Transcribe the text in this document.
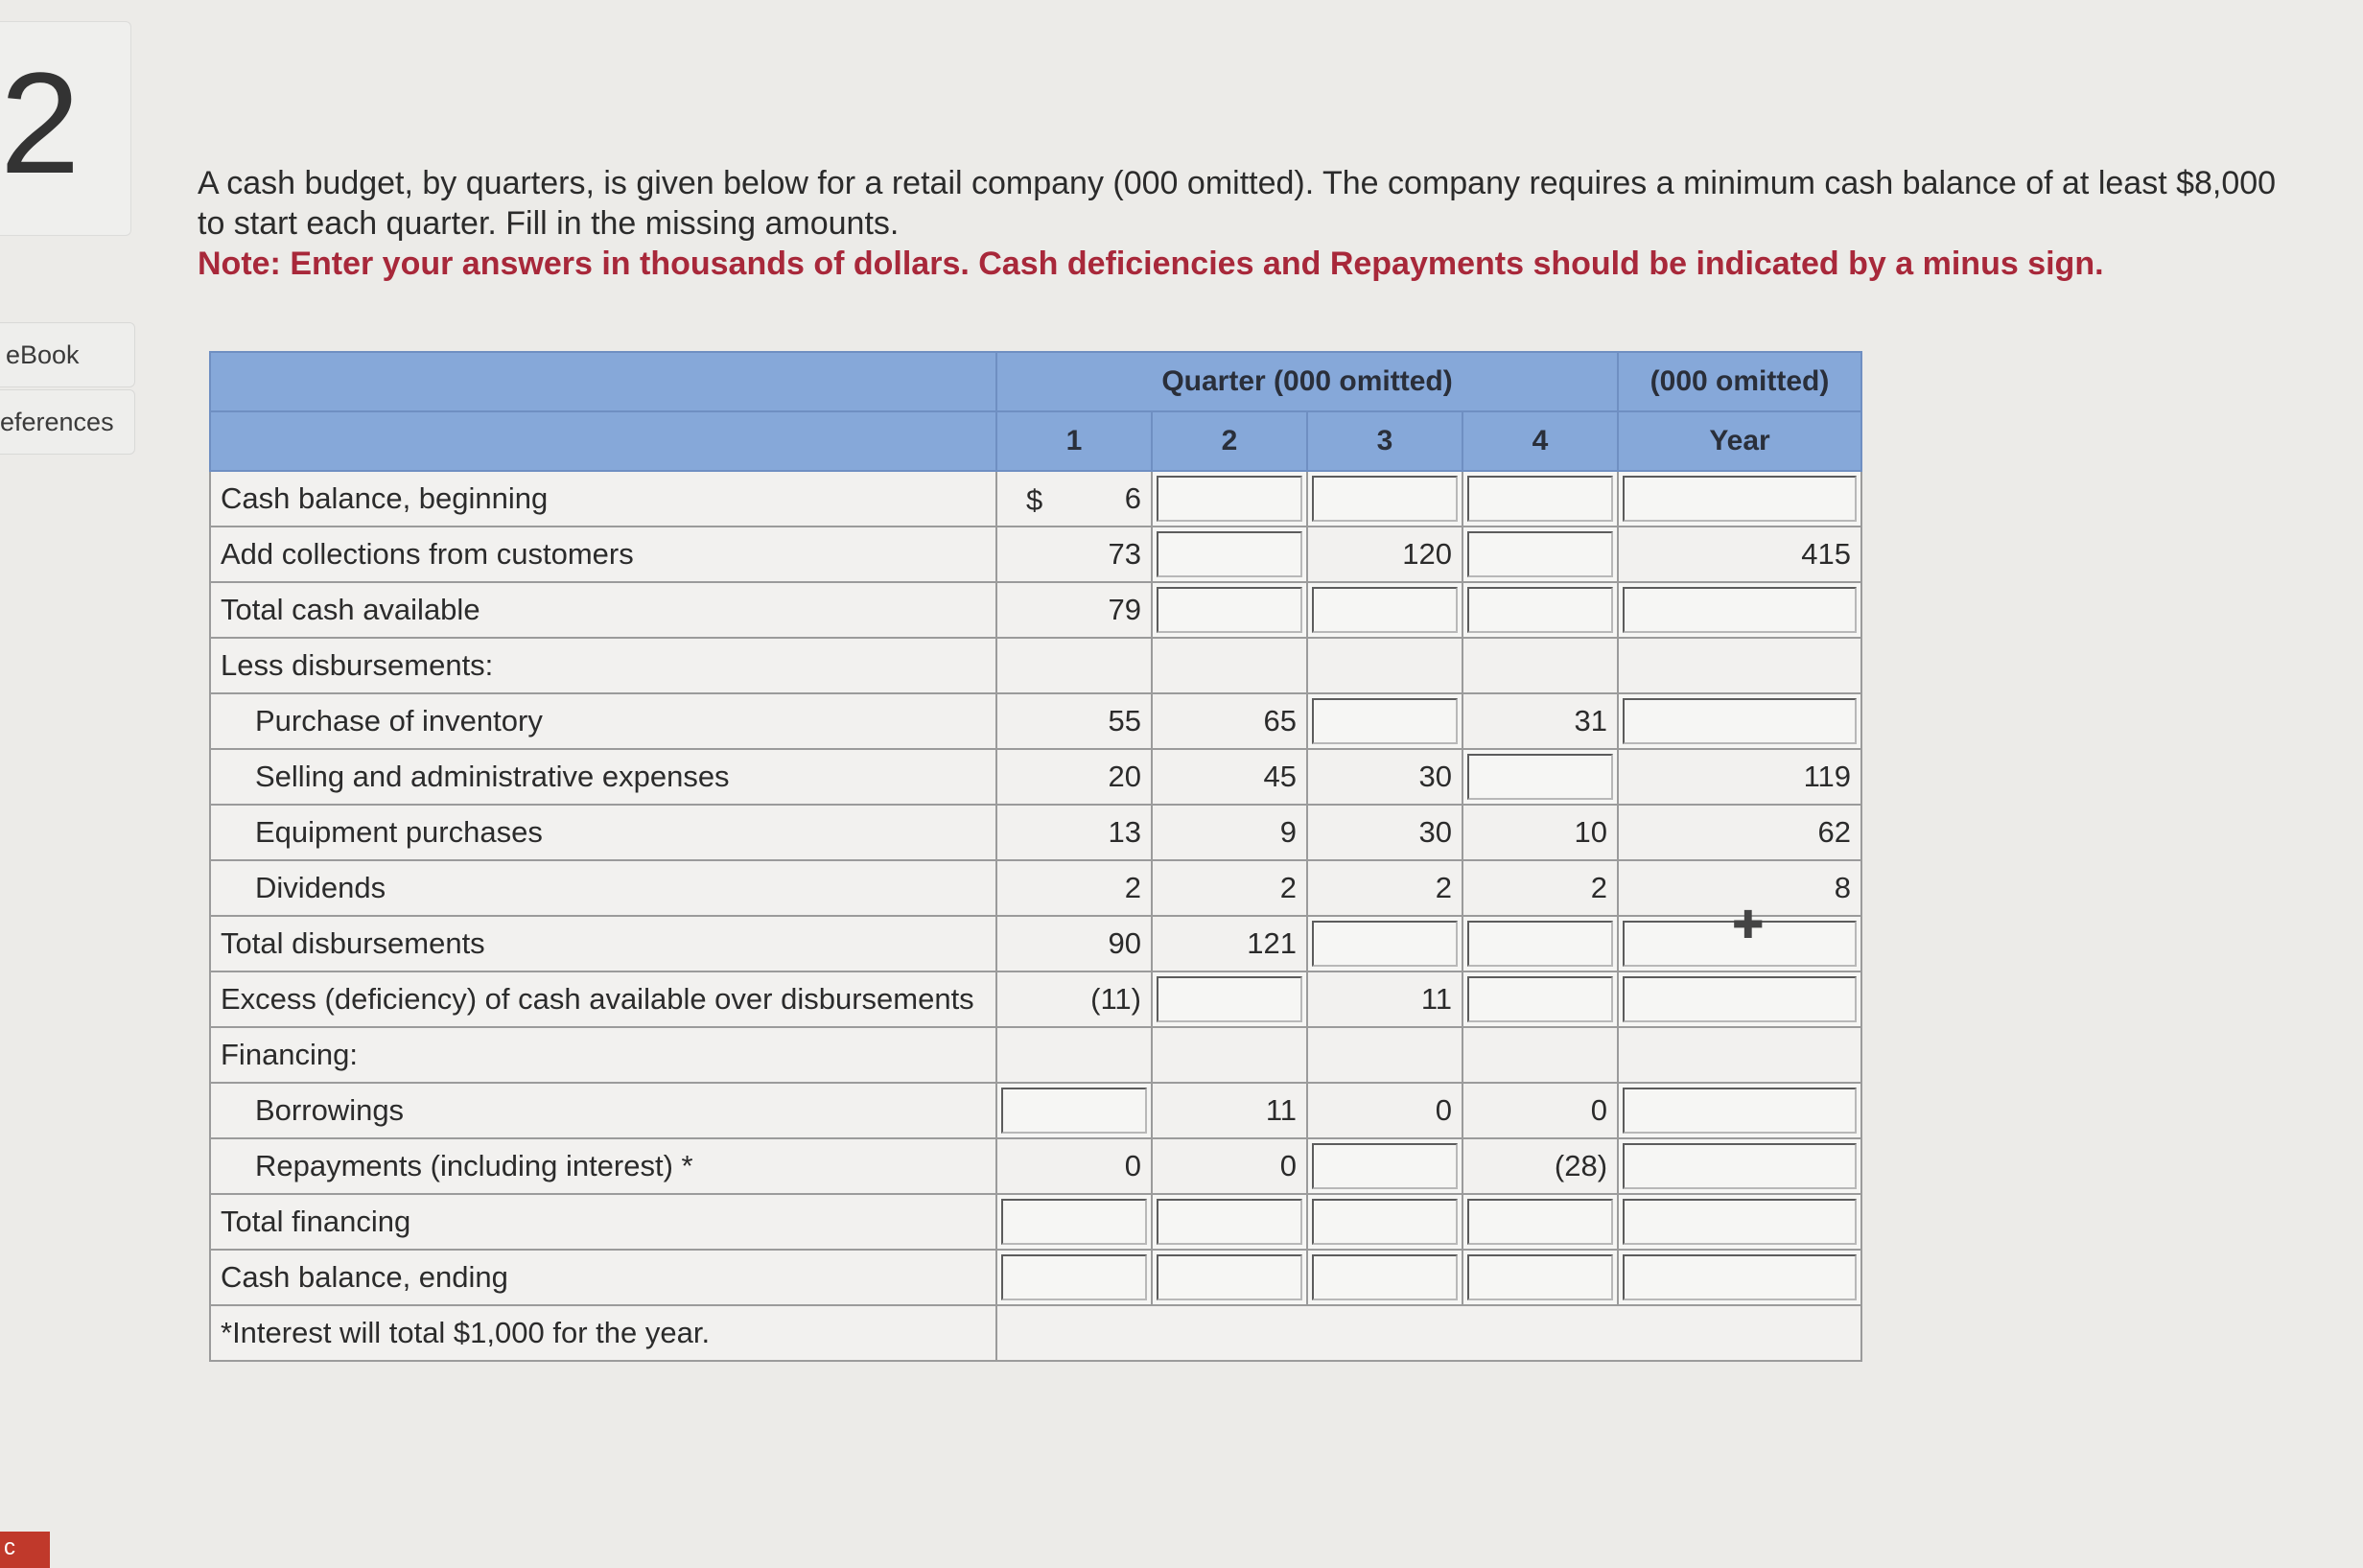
2
eBook
eferences
c
A cash budget, by quarters, is given below for a retail company (000 omitted). The company requires a minimum cash balance of at least $8,000 to start each quarter. Fill in the missing amounts.
Note: Enter your answers in thousands of dollars. Cash deficiencies and Repayments should be indicated by a minus sign.
	Quarter (000 omitted)				(000 omitted)
	1	2	3	4	Year
Cash balance, beginning	$ 6				
Add collections from customers	73		120		415
Total cash available	79				
Less disbursements:					
Purchase of inventory	55	65		31	
Selling and administrative expenses	20	45	30		119
Equipment purchases	13	9	30	10	62
Dividends	2	2	2	2	8
Total disbursements	90	121			
Excess (deficiency) of cash available over disbursements	(11)		11		
Financing:					
Borrowings		11	0	0	
Repayments (including interest) *	0	0		(28)	
Total financing					
Cash balance, ending					
*Interest will total $1,000 for the year.					
✚
